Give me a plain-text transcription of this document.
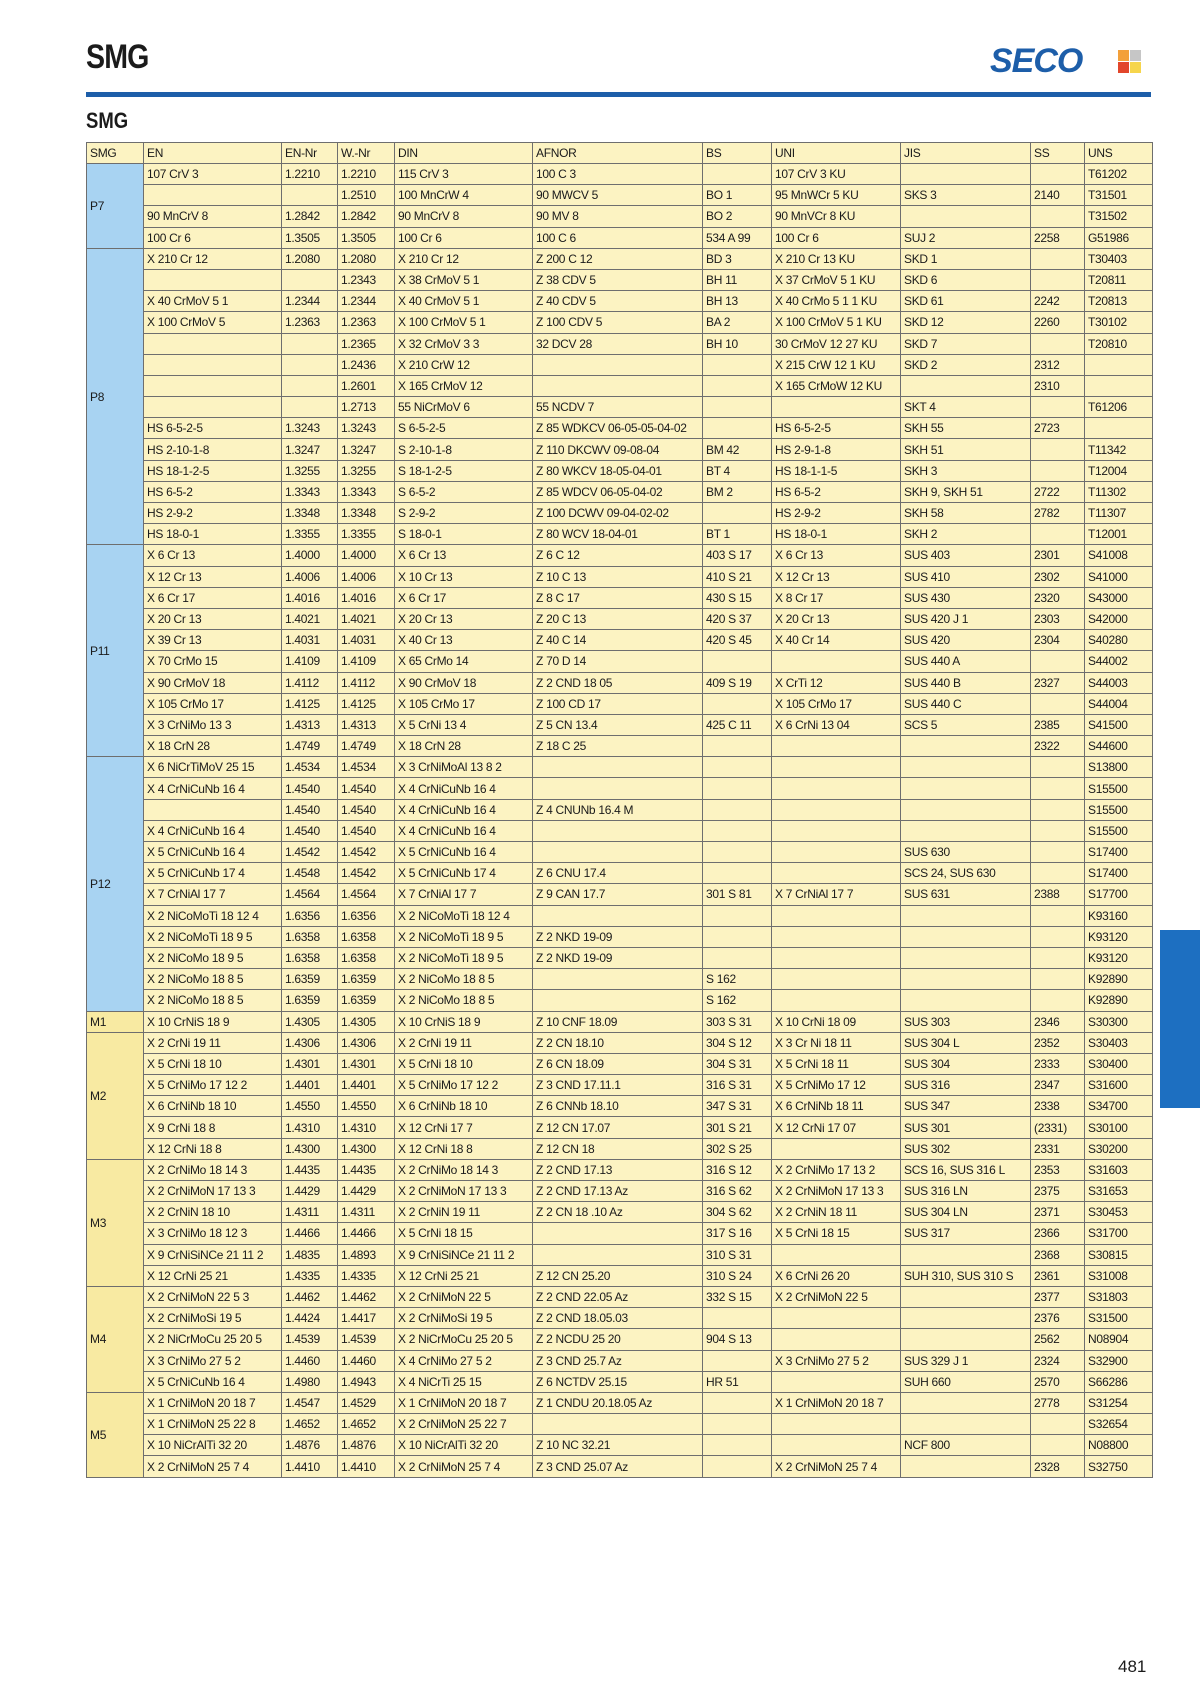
SMG	SECO
SMG
SMG	EN	EN-Nr	W.-Nr	DIN	AFNOR	BS	UNI	JIS	SS	UNS
P7	107 CrV 3	1.2210	1.2210	115 CrV 3	100 C 3		107 CrV 3 KU			T61202
			1.2510	100 MnCrW 4	90 MWCV 5	BO 1	95 MnWCr 5 KU	SKS 3	2140	T31501
	90 MnCrV 8	1.2842	1.2842	90 MnCrV 8	90 MV 8	BO 2	90 MnVCr 8 KU			T31502
	100 Cr 6	1.3505	1.3505	100 Cr 6	100 C 6	534 A 99	100 Cr 6	SUJ 2	2258	G51986
P8	X 210 Cr 12	1.2080	1.2080	X 210 Cr 12	Z 200 C 12	BD 3	X 210 Cr 13 KU	SKD 1		T30403
			1.2343	X 38 CrMoV 5 1	Z 38 CDV 5	BH 11	X 37 CrMoV 5 1 KU	SKD 6		T20811
	X 40 CrMoV 5 1	1.2344	1.2344	X 40 CrMoV 5 1	Z 40 CDV 5	BH 13	X 40 CrMo 5 1 1 KU	SKD 61	2242	T20813
	X 100 CrMoV 5	1.2363	1.2363	X 100 CrMoV 5 1	Z 100 CDV 5	BA 2	X 100 CrMoV 5 1 KU	SKD 12	2260	T30102
			1.2365	X 32 CrMoV 3 3	32 DCV 28	BH 10	30 CrMoV 12 27 KU	SKD 7		T20810
			1.2436	X 210 CrW 12			X 215 CrW 12 1 KU	SKD 2	2312	
			1.2601	X 165 CrMoV 12			X 165 CrMoW 12 KU		2310	
			1.2713	55 NiCrMoV 6	55 NCDV 7			SKT 4		T61206
	HS 6-5-2-5	1.3243	1.3243	S 6-5-2-5	Z 85 WDKCV 06-05-05-04-02		HS 6-5-2-5	SKH 55	2723	
	HS 2-10-1-8	1.3247	1.3247	S 2-10-1-8	Z 110 DKCWV 09-08-04	BM 42	HS 2-9-1-8	SKH 51		T11342
	HS 18-1-2-5	1.3255	1.3255	S 18-1-2-5	Z 80 WKCV 18-05-04-01	BT 4	HS 18-1-1-5	SKH 3		T12004
	HS 6-5-2	1.3343	1.3343	S 6-5-2	Z 85 WDCV 06-05-04-02	BM 2	HS 6-5-2	SKH 9, SKH 51	2722	T11302
	HS 2-9-2	1.3348	1.3348	S 2-9-2	Z 100 DCWV 09-04-02-02		HS 2-9-2	SKH 58	2782	T11307
	HS 18-0-1	1.3355	1.3355	S 18-0-1	Z 80 WCV 18-04-01	BT 1	HS 18-0-1	SKH 2		T12001
P11	X 6 Cr 13	1.4000	1.4000	X 6 Cr 13	Z 6 C 12	403 S 17	X 6 Cr 13	SUS 403	2301	S41008
	X 12 Cr 13	1.4006	1.4006	X 10 Cr 13	Z 10 C 13	410 S 21	X 12 Cr 13	SUS 410	2302	S41000
	X 6 Cr 17	1.4016	1.4016	X 6 Cr 17	Z 8 C 17	430 S 15	X 8 Cr 17	SUS 430	2320	S43000
	X 20 Cr 13	1.4021	1.4021	X 20 Cr 13	Z 20 C 13	420 S 37	X 20 Cr 13	SUS 420 J 1	2303	S42000
	X 39 Cr 13	1.4031	1.4031	X 40 Cr 13	Z 40 C 14	420 S 45	X 40 Cr 14	SUS 420	2304	S40280
	X 70 CrMo 15	1.4109	1.4109	X 65 CrMo 14	Z 70 D 14			SUS 440 A		S44002
	X 90 CrMoV 18	1.4112	1.4112	X 90 CrMoV 18	Z 2 CND 18 05	409 S 19	X CrTi 12	SUS 440 B	2327	S44003
	X 105 CrMo 17	1.4125	1.4125	X 105 CrMo 17	Z 100 CD 17		X 105 CrMo 17	SUS 440 C		S44004
	X 3 CrNiMo 13 3	1.4313	1.4313	X 5 CrNi 13 4	Z 5 CN 13.4	425 C 11	X 6 CrNi 13 04	SCS 5	2385	S41500
	X 18 CrN 28	1.4749	1.4749	X 18 CrN 28	Z 18 C 25				2322	S44600
P12	X 6 NiCrTiMoV 25 15	1.4534	1.4534	X 3 CrNiMoAl 13 8 2						S13800
	X 4 CrNiCuNb 16 4	1.4540	1.4540	X 4 CrNiCuNb 16 4						S15500
		1.4540	1.4540	X 4 CrNiCuNb 16 4	Z 4 CNUNb 16.4 M					S15500
	X 4 CrNiCuNb 16 4	1.4540	1.4540	X 4 CrNiCuNb 16 4						S15500
	X 5 CrNiCuNb 16 4	1.4542	1.4542	X 5 CrNiCuNb 16 4				SUS 630		S17400
	X 5 CrNiCuNb 17 4	1.4548	1.4542	X 5 CrNiCuNb 17 4	Z 6 CNU 17.4			SCS 24, SUS 630		S17400
	X 7 CrNiAl 17 7	1.4564	1.4564	X 7 CrNiAl 17 7	Z 9 CAN 17.7	301 S 81	X 7 CrNiAl 17 7	SUS 631	2388	S17700
	X 2 NiCoMoTi 18 12 4	1.6356	1.6356	X 2 NiCoMoTi 18 12 4						K93160
	X 2 NiCoMoTi 18 9 5	1.6358	1.6358	X 2 NiCoMoTi 18 9 5	Z 2 NKD 19-09					K93120
	X 2 NiCoMo 18 9 5	1.6358	1.6358	X 2 NiCoMoTi 18 9 5	Z 2 NKD 19-09					K93120
	X 2 NiCoMo 18 8 5	1.6359	1.6359	X 2 NiCoMo 18 8 5		S 162				K92890
	X 2 NiCoMo 18 8 5	1.6359	1.6359	X 2 NiCoMo 18 8 5		S 162				K92890
M1	X 10 CrNiS 18 9	1.4305	1.4305	X 10 CrNiS 18 9	Z 10 CNF 18.09	303 S 31	X 10 CrNi 18 09	SUS 303	2346	S30300
M2	X 2 CrNi 19 11	1.4306	1.4306	X 2 CrNi 19 11	Z 2 CN 18.10	304 S 12	X 3 Cr Ni 18 11	SUS 304 L	2352	S30403
	X 5 CrNi 18 10	1.4301	1.4301	X 5 CrNi 18 10	Z 6 CN 18.09	304 S 31	X 5 CrNi 18 11	SUS 304	2333	S30400
	X 5 CrNiMo 17 12 2	1.4401	1.4401	X 5 CrNiMo 17 12 2	Z 3 CND 17.11.1	316 S 31	X 5 CrNiMo 17 12	SUS 316	2347	S31600
	X 6 CrNiNb 18 10	1.4550	1.4550	X 6 CrNiNb 18 10	Z 6 CNNb 18.10	347 S 31	X 6 CrNiNb 18 11	SUS 347	2338	S34700
	X 9 CrNi 18 8	1.4310	1.4310	X 12 CrNi 17 7	Z 12 CN 17.07	301 S 21	X 12 CrNi 17 07	SUS 301	(2331)	S30100
	X 12 CrNi 18 8	1.4300	1.4300	X 12 CrNi 18 8	Z 12 CN 18	302 S 25		SUS 302	2331	S30200
M3	X 2 CrNiMo 18 14 3	1.4435	1.4435	X 2 CrNiMo 18 14 3	Z 2 CND 17.13	316 S 12	X 2 CrNiMo 17 13 2	SCS 16, SUS 316 L	2353	S31603
	X 2 CrNiMoN 17 13 3	1.4429	1.4429	X 2 CrNiMoN 17 13 3	Z 2 CND 17.13 Az	316 S 62	X 2 CrNiMoN 17 13 3	SUS 316 LN	2375	S31653
	X 2 CrNiN 18 10	1.4311	1.4311	X 2 CrNiN 19 11	Z 2 CN 18 .10 Az	304 S 62	X 2 CrNiN 18 11	SUS 304 LN	2371	S30453
	X 3 CrNiMo 18 12 3	1.4466	1.4466	X 5 CrNi 18 15		317 S 16	X 5 CrNi 18 15	SUS 317	2366	S31700
	X 9 CrNiSiNCe 21 11 2	1.4835	1.4893	X 9 CrNiSiNCe 21 11 2		310 S 31			2368	S30815
	X 12 CrNi 25 21	1.4335	1.4335	X 12 CrNi 25 21	Z 12 CN 25.20	310 S 24	X 6 CrNi 26 20	SUH 310, SUS 310 S	2361	S31008
M4	X 2 CrNiMoN 22 5 3	1.4462	1.4462	X 2 CrNiMoN 22 5	Z 2 CND 22.05 Az	332 S 15	X 2 CrNiMoN 22 5		2377	S31803
	X 2 CrNiMoSi 19 5	1.4424	1.4417	X 2 CrNiMoSi 19 5	Z 2 CND 18.05.03				2376	S31500
	X 2 NiCrMoCu 25 20 5	1.4539	1.4539	X 2 NiCrMoCu 25 20 5	Z 2 NCDU 25 20	904 S 13			2562	N08904
	X 3 CrNiMo 27 5 2	1.4460	1.4460	X 4 CrNiMo 27 5 2	Z 3 CND 25.7 Az		X 3 CrNiMo 27 5 2	SUS 329 J 1	2324	S32900
	X 5 CrNiCuNb 16 4	1.4980	1.4943	X 4 NiCrTi 25 15	Z 6 NCTDV 25.15	HR 51		SUH 660	2570	S66286
M5	X 1 CrNiMoN 20 18 7	1.4547	1.4529	X 1 CrNiMoN 20 18 7	Z 1 CNDU 20.18.05 Az		X 1 CrNiMoN 20 18 7		2778	S31254
	X 1 CrNiMoN 25 22 8	1.4652	1.4652	X 2 CrNiMoN 25 22 7						S32654
	X 10 NiCrAlTi 32 20	1.4876	1.4876	X 10 NiCrAlTi 32 20	Z 10 NC 32.21			NCF 800		N08800
	X 2 CrNiMoN 25 7 4	1.4410	1.4410	X 2 CrNiMoN 25 7 4	Z 3 CND 25.07 Az		X 2 CrNiMoN 25 7 4		2328	S32750
481
